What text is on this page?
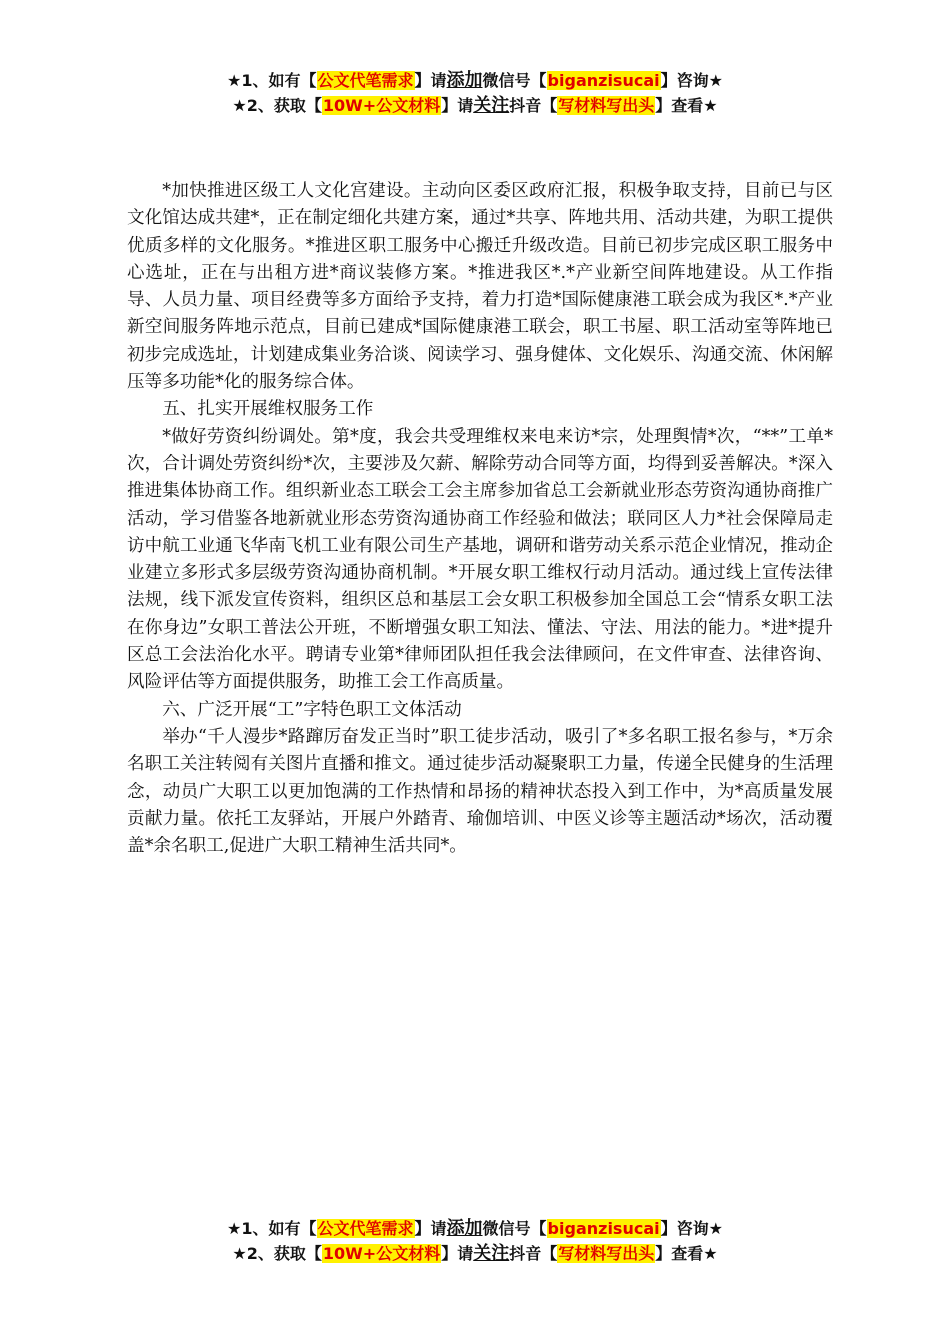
★1、如有【公文代笔需求】请添加微信号【biganzisucai】咨询★
★2、获取【10W+公文材料】请关注抖音【写材料写出头】查看★

*加快推进区级工人文化宫建设。主动向区委区政府汇报，积极争取支持，目前已与区文化馆达成共建*，正在制定细化共建方案，通过*共享、阵地共用、活动共建，为职工提供优质多样的文化服务。*推进区职工服务中心搬迁升级改造。目前已初步完成区职工服务中心选址，正在与出租方进*商议装修方案。*推进我区*.*产业新空间阵地建设。从工作指导、人员力量、项目经费等多方面给予支持，着力打造*国际健康港工联会成为我区*.*产业新空间服务阵地示范点，目前已建成*国际健康港工联会，职工书屋、职工活动室等阵地已初步完成选址，计划建成集业务洽谈、阅读学习、强身健体、文化娱乐、沟通交流、休闲解压等多功能*化的服务综合体。

五、扎实开展维权服务工作

*做好劳资纠纷调处。第*度，我会共受理维权来电来访*宗，处理舆情*次，“**”工单*次，合计调处劳资纠纷*次，主要涉及欠薪、解除劳动合同等方面，均得到妥善解决。*深入推进集体协商工作。组织新业态工联会工会主席参加省总工会新就业形态劳资沟通协商推广活动，学习借鉴各地新就业形态劳资沟通协商工作经验和做法；联同区人力*社会保障局走访中航工业通飞华南飞机工业有限公司生产基地，调研和谐劳动关系示范企业情况，推动企业建立多形式多层级劳资沟通协商机制。*开展女职工维权行动月活动。通过线上宣传法律法规，线下派发宣传资料，组织区总和基层工会女职工积极参加全国总工会“情系女职工法在你身边”女职工普法公开班，不断增强女职工知法、懂法、守法、用法的能力。*进*提升区总工会法治化水平。聘请专业第*律师团队担任我会法律顾问，在文件审查、法律咨询、风险评估等方面提供服务，助推工会工作高质量。

六、广泛开展“工”字特色职工文体活动

举办“千人漫步*路蹿厉奋发正当时”职工徒步活动，吸引了*多名职工报名参与，*万余名职工关注转阅有关图片直播和推文。通过徒步活动凝聚职工力量，传递全民健身的生活理念，动员广大职工以更加饱满的工作热情和昂扬的精神状态投入到工作中，为*高质量发展贡献力量。依托工友驿站，开展户外踏青、瑜伽培训、中医义诊等主题活动*场次，活动覆盖*余名职工,促进广大职工精神生活共同*。

★1、如有【公文代笔需求】请添加微信号【biganzisucai】咨询★
★2、获取【10W+公文材料】请关注抖音【写材料写出头】查看★
